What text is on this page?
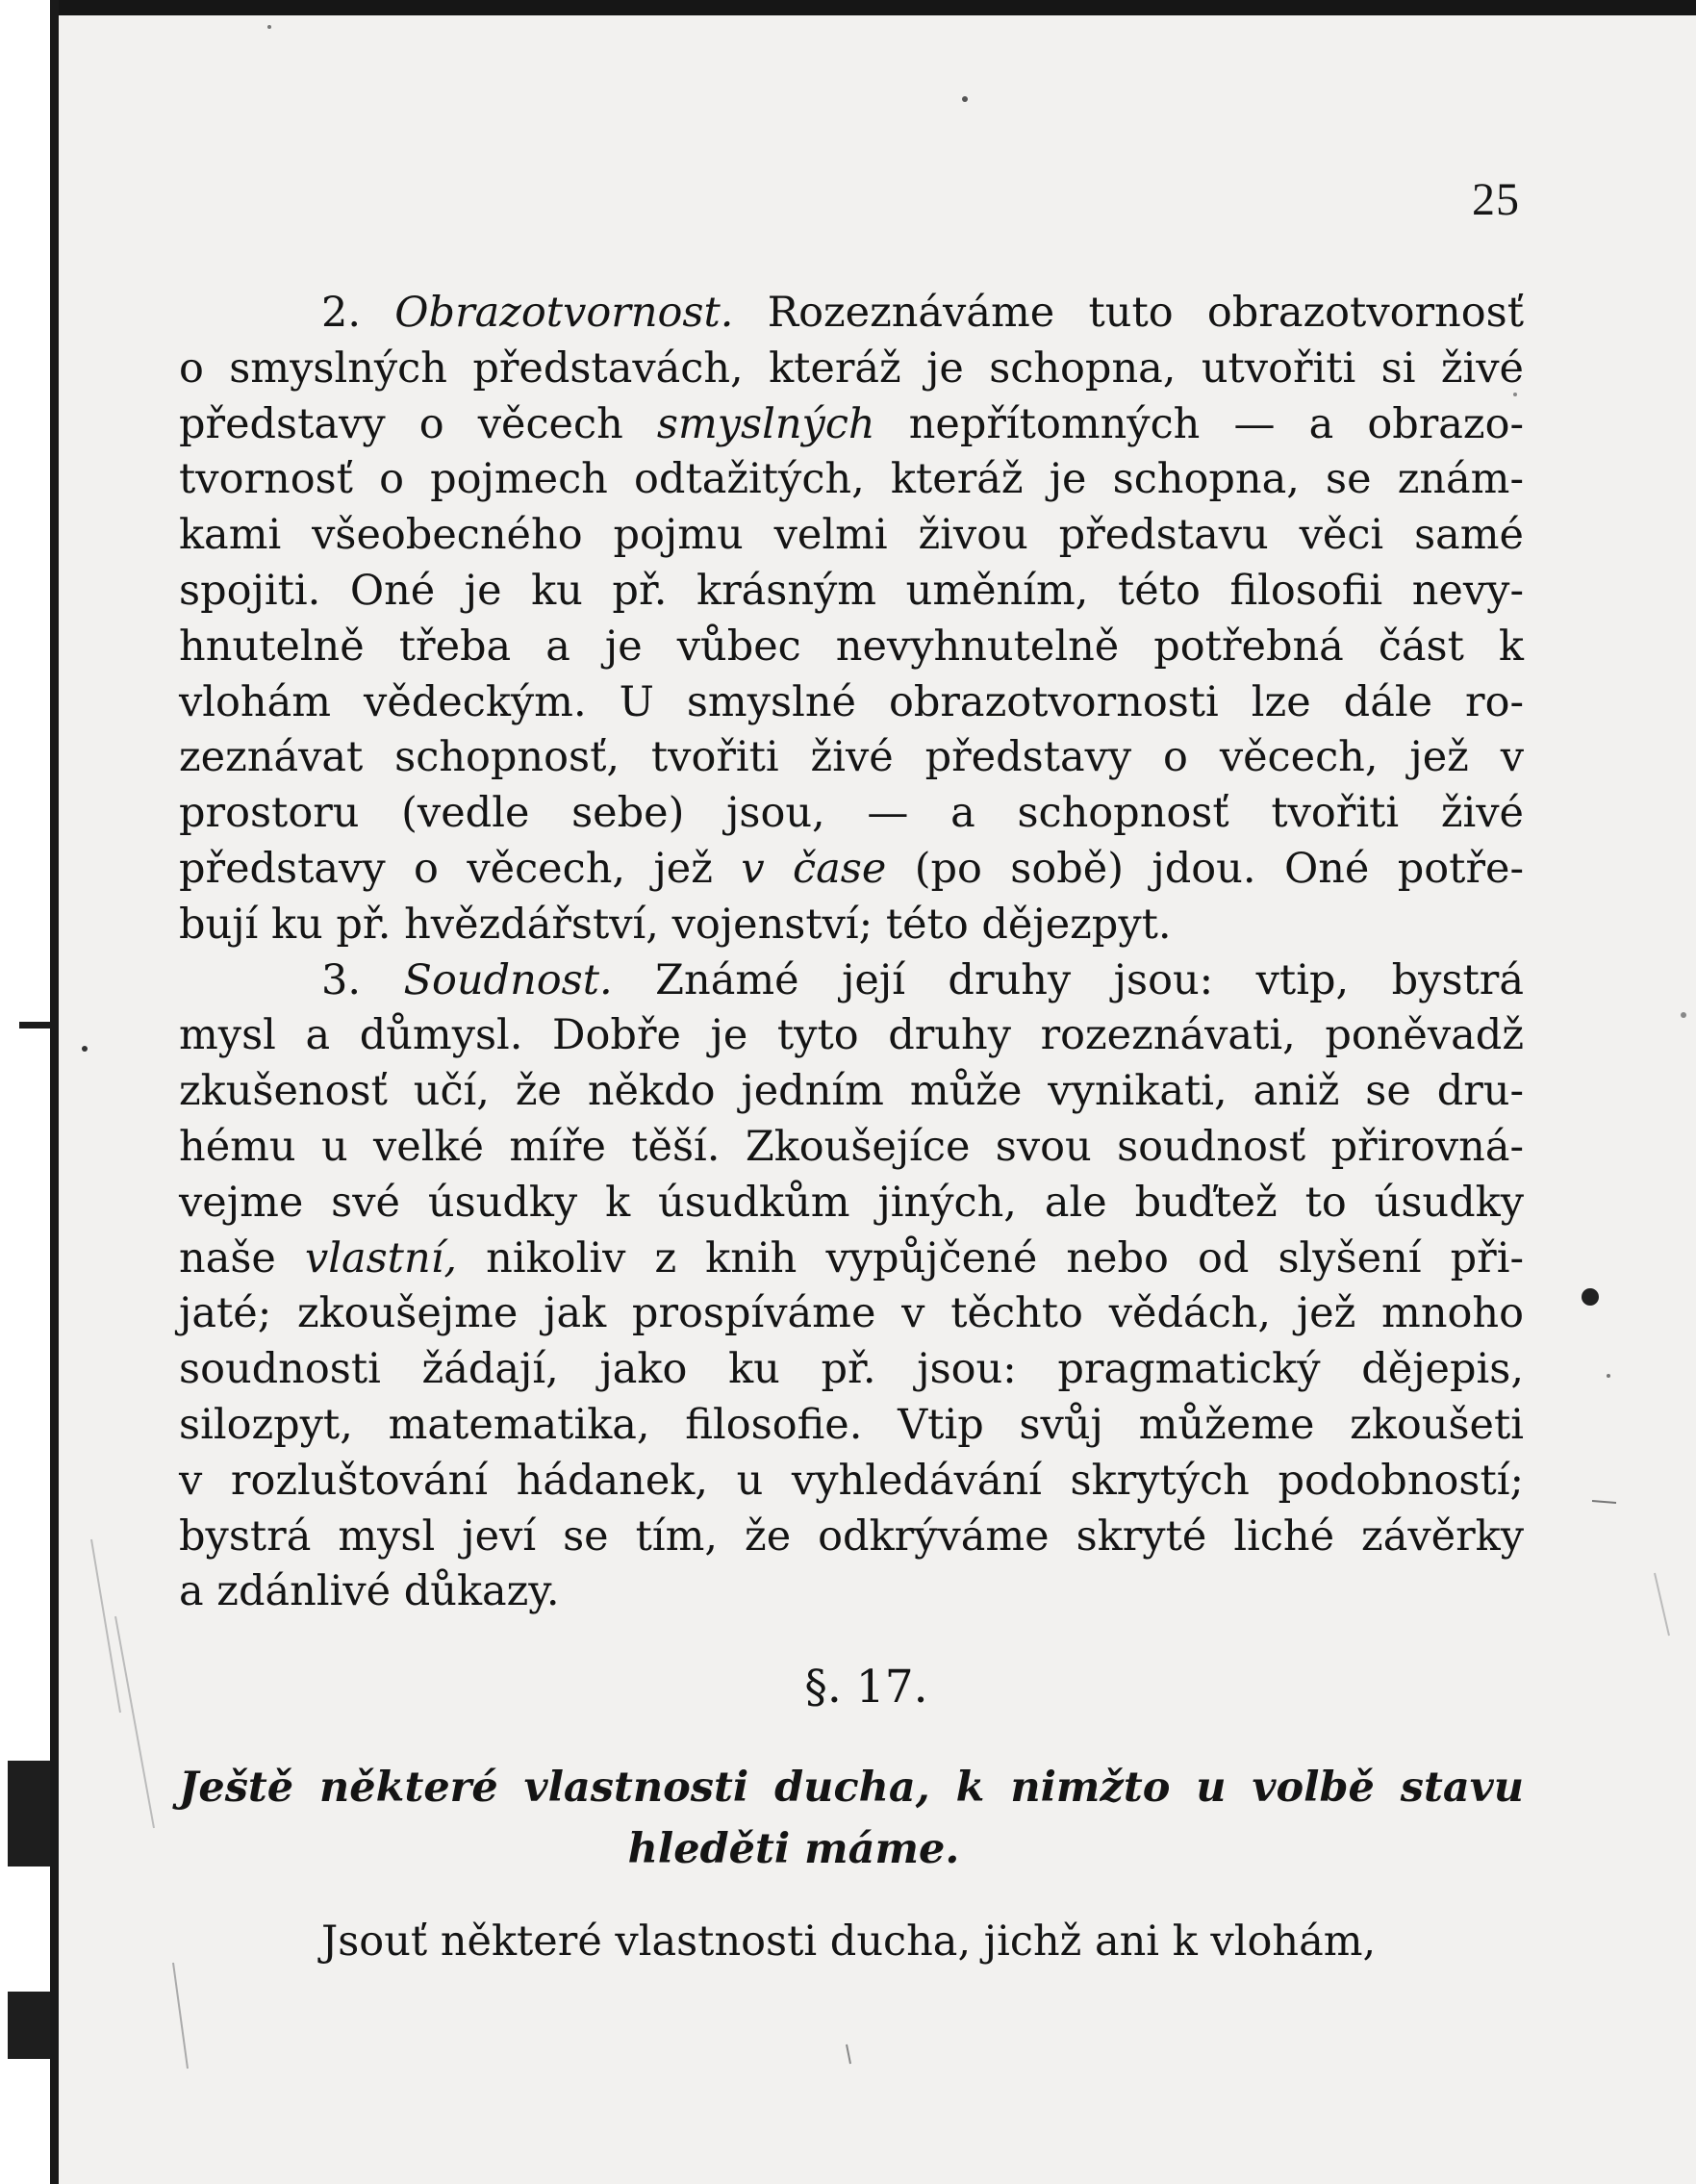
25
2. Obrazotvornost. Rozeznáváme tuto obrazotvornosť
o smyslných představách, kteráž je schopna, utvořiti si živé
představy o věcech smyslných nepřítomných — a obrazo-
tvornosť o pojmech odtažitých, kteráž je schopna, se znám-
kami všeobecného pojmu velmi živou představu věci samé
spojiti. Oné je ku př. krásným uměním, této filosofii nevy-
hnutelně třeba a je vůbec nevyhnutelně potřebná část k
vlohám vědeckým. U smyslné obrazotvornosti lze dále ro-
zeznávat schopnosť, tvořiti živé představy o věcech, jež v
prostoru (vedle sebe) jsou, — a schopnosť tvořiti živé
představy o věcech, jež v čase (po sobě) jdou. Oné potře-
bují ku př. hvězdářství, vojenství; této dějezpyt.
3. Soudnost. Známé její druhy jsou: vtip, bystrá
mysl a důmysl. Dobře je tyto druhy rozeznávati, poněvadž
zkušenosť učí, že někdo jedním může vynikati, aniž se dru-
hému u velké míře těší. Zkoušejíce svou soudnosť přirovná-
vejme své úsudky k úsudkům jiných, ale buďtež to úsudky
naše vlastní, nikoliv z knih vypůjčené nebo od slyšení při-
jaté; zkoušejme jak prospíváme v těchto vědách, jež mnoho
soudnosti žádají, jako ku př. jsou: pragmatický dějepis,
silozpyt, matematika, filosofie. Vtip svůj můžeme zkoušeti
v rozluštování hádanek, u vyhledávání skrytých podobností;
bystrá mysl jeví se tím, že odkrýváme skryté liché závěrky
a zdánlivé důkazy.
§. 17.
Ještě některé vlastnosti ducha, k nimžto u volbě stavu
hleděti máme.
Jsouť některé vlastnosti ducha, jichž ani k vlohám,
